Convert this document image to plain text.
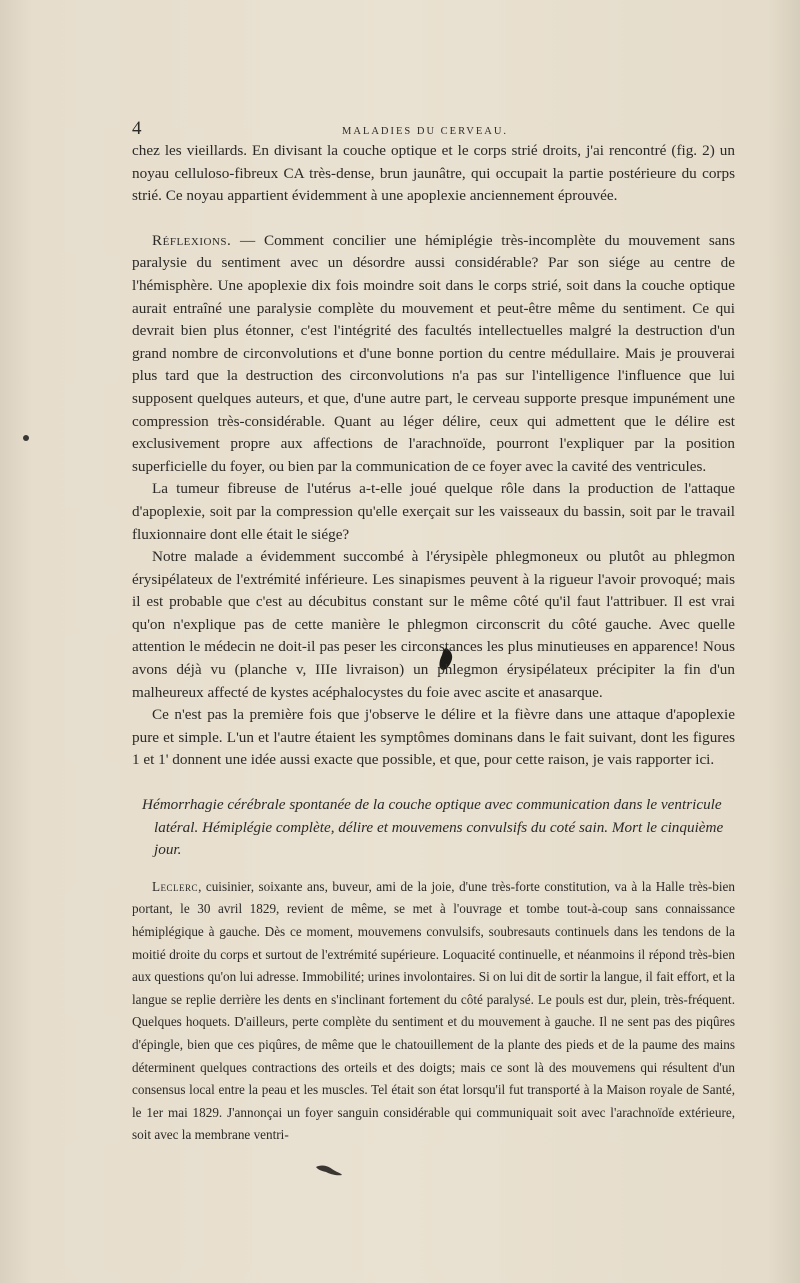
4	MALADIES DU CERVEAU.

chez les vieillards. En divisant la couche optique et le corps strié droits, j'ai rencontré (fig. 2) un noyau celluloso-fibreux CA très-dense, brun jaunâtre, qui occupait la partie postérieure du corps strié. Ce noyau appartient évidemment à une apoplexie anciennement éprouvée.

Réflexions. — Comment concilier une hémiplégie très-incomplète du mouvement sans paralysie du sentiment avec un désordre aussi considérable? Par son siége au centre de l'hémisphère. Une apoplexie dix fois moindre soit dans le corps strié, soit dans la couche optique aurait entraîné une paralysie complète du mouvement et peut-être même du sentiment. Ce qui devrait bien plus étonner, c'est l'intégrité des facultés intellectuelles malgré la destruction d'un grand nombre de circonvolutions et d'une bonne portion du centre médullaire. Mais je prouverai plus tard que la destruction des circonvolutions n'a pas sur l'intelligence l'influence que lui supposent quelques auteurs, et que, d'une autre part, le cerveau supporte presque impunément une compression très-considérable. Quant au léger délire, ceux qui admettent que le délire est exclusivement propre aux affections de l'arachnoïde, pourront l'expliquer par la position superficielle du foyer, ou bien par la communication de ce foyer avec la cavité des ventricules.

La tumeur fibreuse de l'utérus a-t-elle joué quelque rôle dans la production de l'attaque d'apoplexie, soit par la compression qu'elle exerçait sur les vaisseaux du bassin, soit par le travail fluxionnaire dont elle était le siége?

Notre malade a évidemment succombé à l'érysipèle phlegmoneux ou plutôt au phlegmon érysipélateux de l'extrémité inférieure. Les sinapismes peuvent à la rigueur l'avoir provoqué; mais il est probable que c'est au décubitus constant sur le même côté qu'il faut l'attribuer. Il est vrai qu'on n'explique pas de cette manière le phlegmon circonscrit du côté gauche. Avec quelle attention le médecin ne doit-il pas peser les circonstances les plus minutieuses en apparence! Nous avons déjà vu (planche v, IIIe livraison) un phlegmon érysipélateux précipiter la fin d'un malheureux affecté de kystes acéphalocystes du foie avec ascite et anasarque.

Ce n'est pas la première fois que j'observe le délire et la fièvre dans une attaque d'apoplexie pure et simple. L'un et l'autre étaient les symptômes dominans dans le fait suivant, dont les figures 1 et 1' donnent une idée aussi exacte que possible, et que, pour cette raison, je vais rapporter ici.

Hémorrhagie cérébrale spontanée de la couche optique avec communication dans le ventricule
latéral. Hémiplégie complète, délire et mouvemens convulsifs du coté sain. Mort le cinquième jour.

Leclerc, cuisinier, soixante ans, buveur, ami de la joie, d'une très-forte constitution, va à la Halle très-bien portant, le 30 avril 1829, revient de même, se met à l'ouvrage et tombe tout-à-coup sans connaissance hémiplégique à gauche. Dès ce moment, mouvemens convulsifs, soubresauts continuels dans les tendons de la moitié droite du corps et surtout de l'extrémité supérieure. Loquacité continuelle, et néanmoins il répond très-bien aux questions qu'on lui adresse. Immobilité; urines involontaires. Si on lui dit de sortir la langue, il fait effort, et la langue se replie derrière les dents en s'inclinant fortement du côté paralysé. Le pouls est dur, plein, très-fréquent. Quelques hoquets. D'ailleurs, perte complète du sentiment et du mouvement à gauche. Il ne sent pas des piqûres d'épingle, bien que ces piqûres, de même que le chatouillement de la plante des pieds et de la paume des mains déterminent quelques contractions des orteils et des doigts; mais ce sont là des mouvemens qui résultent d'un consensus local entre la peau et les muscles. Tel était son état lorsqu'il fut transporté à la Maison royale de Santé, le 1er mai 1829. J'annonçai un foyer sanguin considérable qui communiquait soit avec l'arachnoïde extérieure, soit avec la membrane ventri-
